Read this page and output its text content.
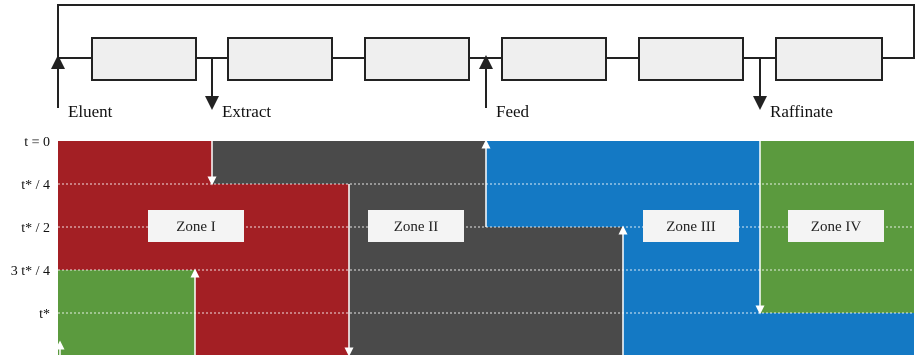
Eluent	Extract	Feed	Raffinate
Zone I	Zone II	Zone III	Zone IV
t = 0
t* / 4
t* / 2
3 t* / 4
t*
